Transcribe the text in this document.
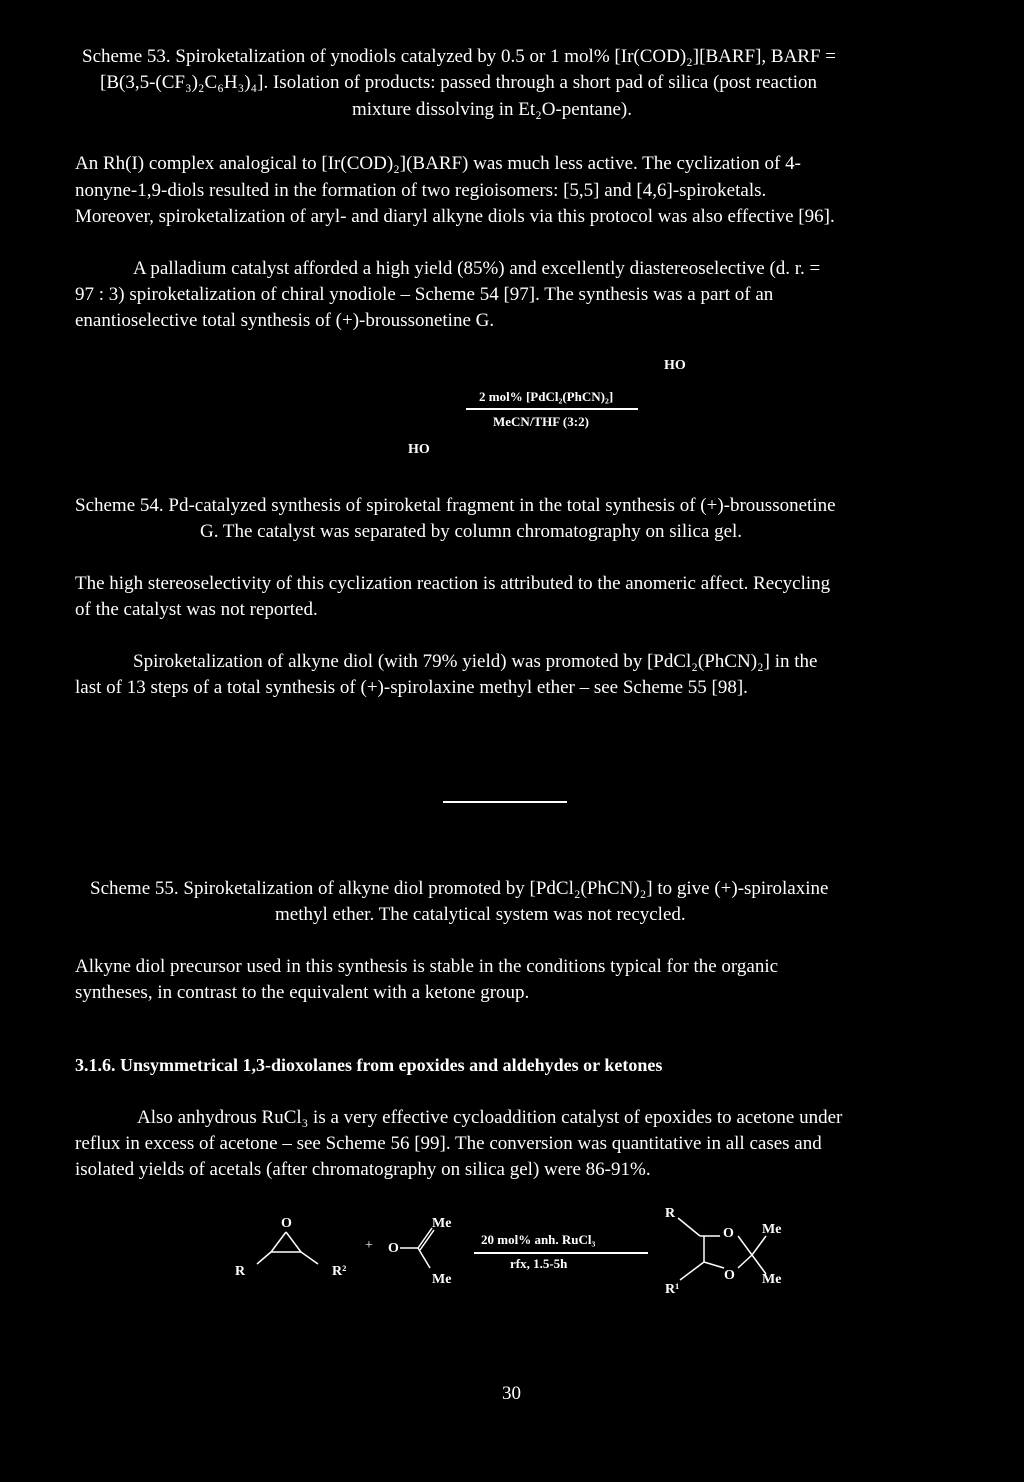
Scheme 53. Spiroketalization of ynodiols catalyzed by 0.5 or 1 mol% [Ir(COD)₂][BARF], BARF =

[B(3,5-(CF₃)₂C₆H₃)₄]. Isolation of products: passed through a short pad of silica (post reaction

mixture dissolving in Et₂O-pentane).

An Rh(I) complex analogical to [Ir(COD)₂](BARF) was much less active. The cyclization of 4-

nonyne-1,9-diols resulted in the formation of two regioisomers: [5,5] and [4,6]-spiroketals.

Moreover, spiroketalization of aryl- and diaryl alkyne diols via this protocol was also effective [96].

A palladium catalyst afforded a high yield (85%) and excellently diastereoselective (d. r. =

97 : 3) spiroketalization of chiral ynodiole – Scheme 54 [97]. The synthesis was a part of an

enantioselective total synthesis of (+)-broussonetine G.

HO

2 mol% [PdCl₂(PhCN)₂]

MeCN/THF (3:2)

HO

Scheme 54. Pd-catalyzed synthesis of spiroketal fragment in the total synthesis of (+)-broussonetine

G. The catalyst was separated by column chromatography on silica gel.

The high stereoselectivity of this cyclization reaction is attributed to the anomeric affect. Recycling

of the catalyst was not reported.

Spiroketalization of alkyne diol (with 79% yield) was promoted by [PdCl₂(PhCN)₂] in the

last of 13 steps of a total synthesis of (+)-spirolaxine methyl ether – see Scheme 55 [98].

Scheme 55. Spiroketalization of alkyne diol promoted by [PdCl₂(PhCN)₂] to give (+)-spirolaxine

methyl ether. The catalytical system was not recycled.

Alkyne diol precursor used in this synthesis is stable in the conditions typical for the organic

syntheses, in contrast to the equivalent with a ketone group.

3.1.6. Unsymmetrical 1,3-dioxolanes from epoxides and aldehydes or ketones

Also anhydrous RuCl₃ is a very effective cycloaddition catalyst of epoxides to acetone under

reflux in excess of acetone – see Scheme 56 [99]. The conversion was quantitative in all cases and

isolated yields of acetals (after chromatography on silica gel) were 86-91%.

O

R	R²

+ O

Me

Me

20 mol% anh. RuCl₃

rfx, 1.5-5h

R

O Me

O Me

R¹

30
